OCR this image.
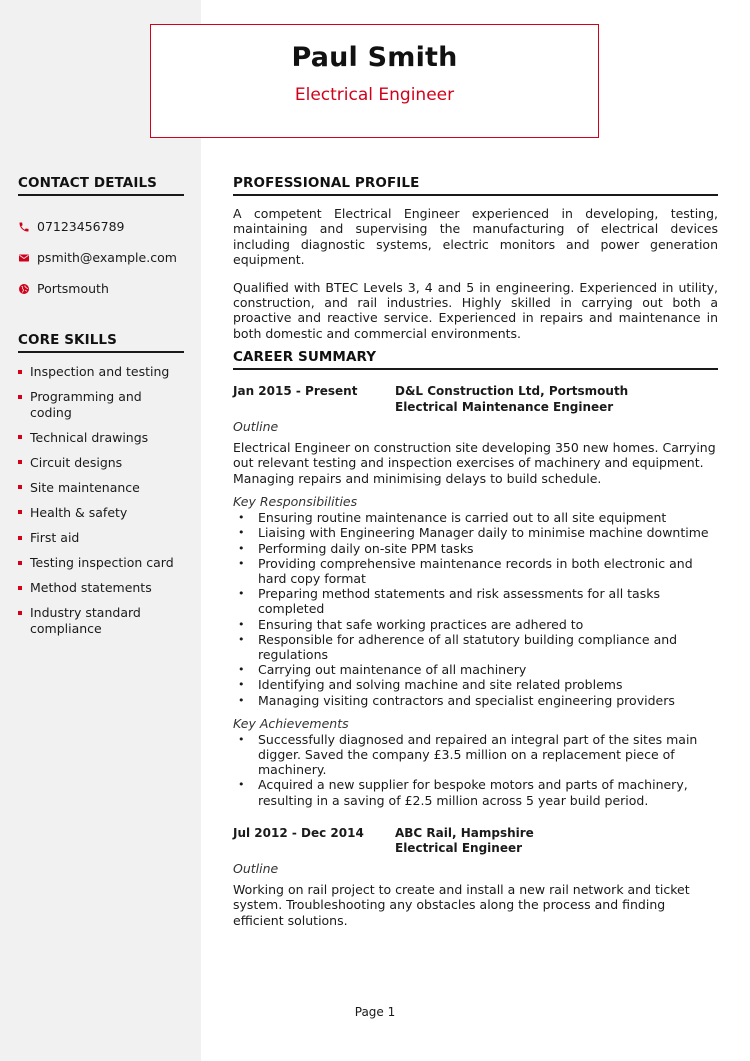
Paul Smith
Electrical Engineer
CONTACT DETAILS
07123456789
psmith@example.com
Portsmouth
CORE SKILLS
Inspection and testing
Programming and coding
Technical drawings
Circuit designs
Site maintenance
Health & safety
First aid
Testing inspection card
Method statements
Industry standard compliance
PROFESSIONAL PROFILE

A competent Electrical Engineer experienced in developing, testing, maintaining and supervising the manufacturing of electrical devices including diagnostic systems, electric monitors and power generation equipment.

Qualified with BTEC Levels 3, 4 and 5 in engineering. Experienced in utility, construction, and rail industries. Highly skilled in carrying out both a proactive and reactive service. Experienced in repairs and maintenance in both domestic and commercial environments.

CAREER SUMMARY
Jan 2015 - Present	D&L Construction Ltd, Portsmouth
Electrical Maintenance Engineer
Outline
Electrical Engineer on construction site developing 350 new homes. Carrying out relevant testing and inspection exercises of machinery and equipment. Managing repairs and minimising delays to build schedule.
Key Responsibilities
• Ensuring routine maintenance is carried out to all site equipment
• Liaising with Engineering Manager daily to minimise machine downtime
• Performing daily on-site PPM tasks
• Providing comprehensive maintenance records in both electronic and hard copy format
• Preparing method statements and risk assessments for all tasks completed
• Ensuring that safe working practices are adhered to
• Responsible for adherence of all statutory building compliance and regulations
• Carrying out maintenance of all machinery
• Identifying and solving machine and site related problems
• Managing visiting contractors and specialist engineering providers
Key Achievements
• Successfully diagnosed and repaired an integral part of the sites main digger. Saved the company £3.5 million on a replacement piece of machinery.
• Acquired a new supplier for bespoke motors and parts of machinery, resulting in a saving of £2.5 million across 5 year build period.
Jul 2012 - Dec 2014	ABC Rail, Hampshire
Electrical Engineer
Outline
Working on rail project to create and install a new rail network and ticket system. Troubleshooting any obstacles along the process and finding efficient solutions.
Page 1
